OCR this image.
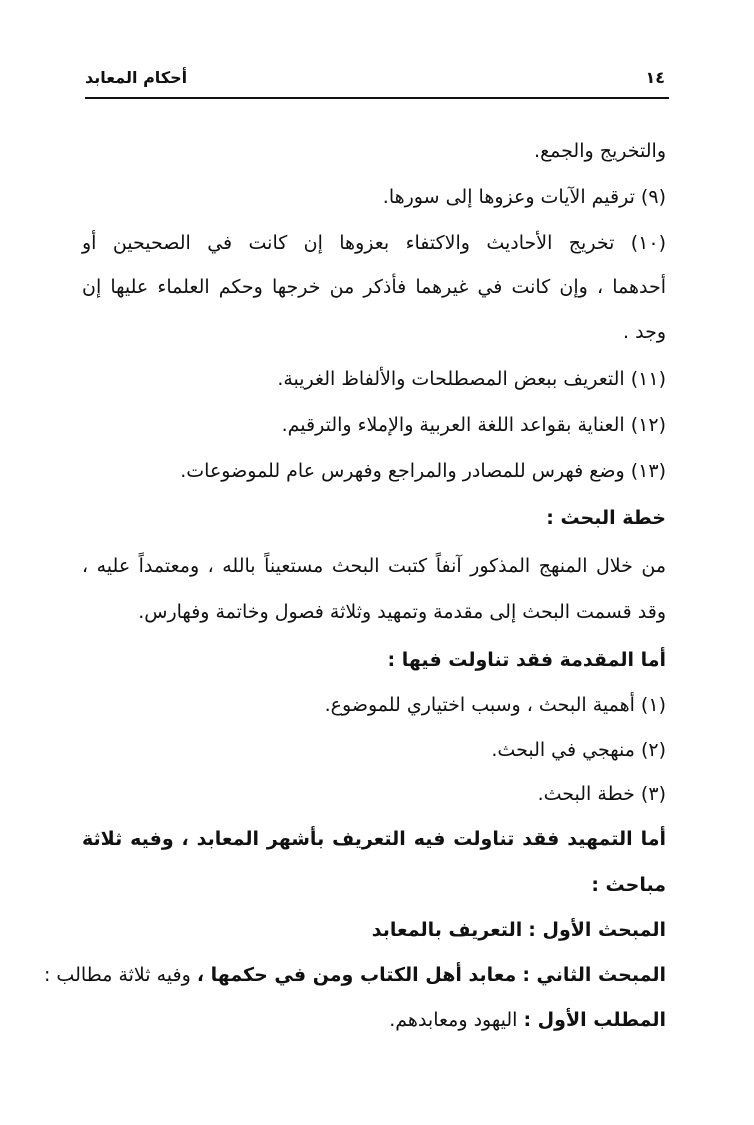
١٤
أحكام المعابد
والتخريج والجمع.
(٩) ترقيم الآيات وعزوها إلى سورها.
(١٠) تخريج الأحاديث والاكتفاء بعزوها إن كانت في الصحيحين أو
أحدهما ، وإن كانت في غيرهما فأذكر من خرجها وحكم العلماء عليها إن
وجد .
(١١) التعريف ببعض المصطلحات والألفاظ الغريبة.
(١٢) العناية بقواعد اللغة العربية والإملاء والترقيم.
(١٣) وضع فهرس للمصادر والمراجع وفهرس عام للموضوعات.
خطة البحث :
من خلال المنهج المذكور آنفاً كتبت البحث مستعيناً بالله ، ومعتمداً عليه ،
وقد قسمت البحث إلى مقدمة وتمهيد وثلاثة فصول وخاتمة وفهارس.
أما المقدمة فقد تناولت فيها :
(١) أهمية البحث ، وسبب اختياري للموضوع.
(٢) منهجي في البحث.
(٣) خطة البحث.
أما التمهيد فقد تناولت فيه التعريف بأشهر المعابد ، وفيه ثلاثة
مباحث :
المبحث الأول : التعريف بالمعابد
المبحث الثاني : معابد أهل الكتاب ومن في حكمها ، وفيه ثلاثة مطالب :
المطلب الأول : اليهود ومعابدهم.
